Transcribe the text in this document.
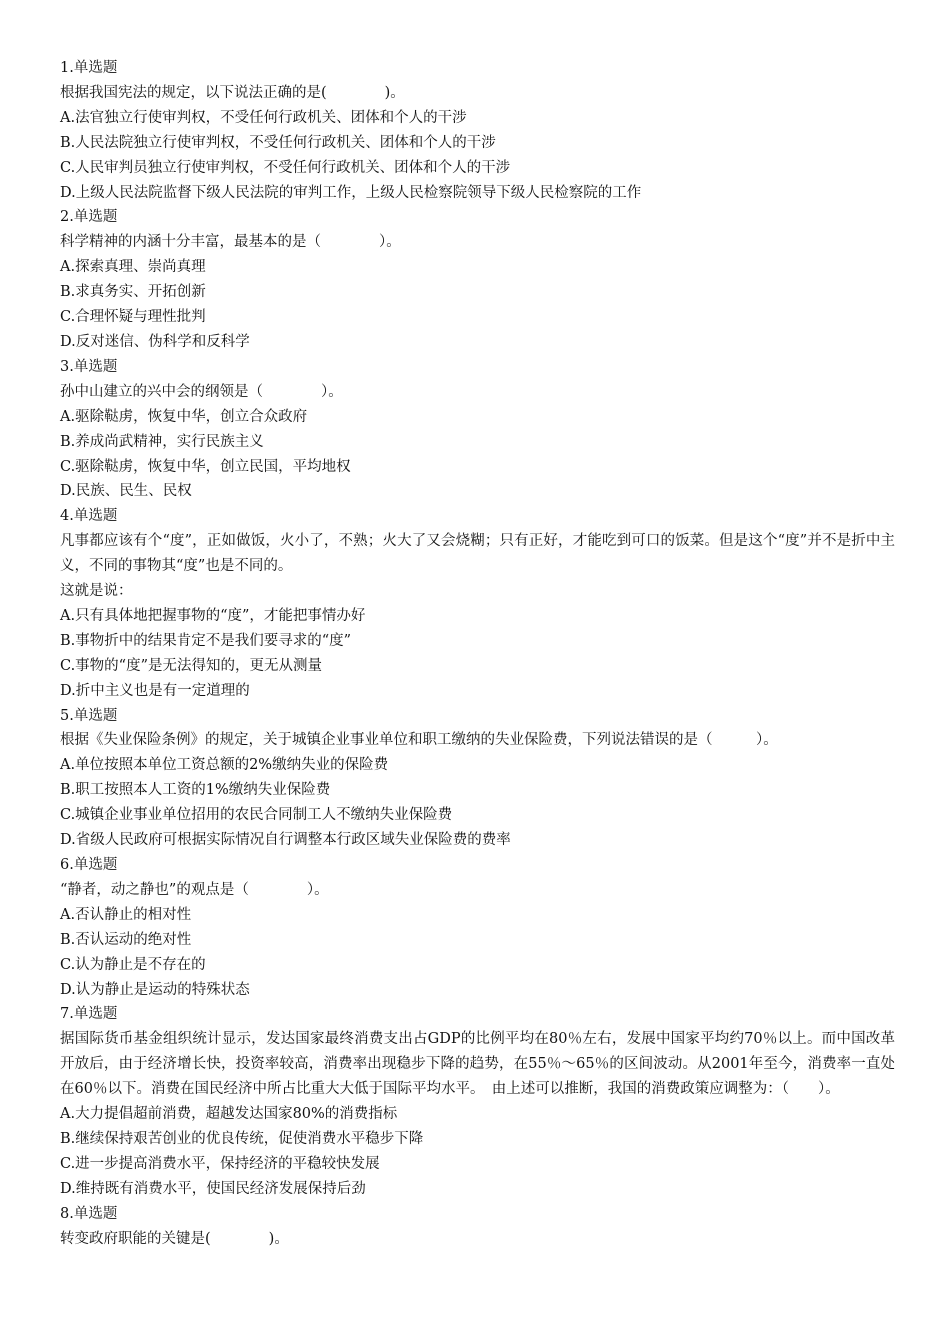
1.单选题

根据我国宪法的规定，以下说法正确的是(　　　　)。

A.法官独立行使审判权，不受任何行政机关、团体和个人的干涉

B.人民法院独立行使审判权，不受任何行政机关、团体和个人的干涉

C.人民审判员独立行使审判权，不受任何行政机关、团体和个人的干涉

D.上级人民法院监督下级人民法院的审判工作，上级人民检察院领导下级人民检察院的工作

2.单选题

科学精神的内涵十分丰富，最基本的是（　　　　）。

A.探索真理、崇尚真理

B.求真务实、开拓创新

C.合理怀疑与理性批判

D.反对迷信、伪科学和反科学

3.单选题

孙中山建立的兴中会的纲领是（　　　　）。

A.驱除鞑虏，恢复中华，创立合众政府

B.养成尚武精神，实行民族主义

C.驱除鞑虏，恢复中华，创立民国，平均地权

D.民族、民生、民权

4.单选题

凡事都应该有个“度”，正如做饭，火小了，不熟；火大了又会烧糊；只有正好，才能吃到可口的饭菜。但是这个“度”并不是折中主义，不同的事物其“度”也是不同的。

这就是说：

A.只有具体地把握事物的“度”，才能把事情办好

B.事物折中的结果肯定不是我们要寻求的“度”

C.事物的“度”是无法得知的，更无从测量

D.折中主义也是有一定道理的

5.单选题

根据《失业保险条例》的规定，关于城镇企业事业单位和职工缴纳的失业保险费，下列说法错误的是（　　　）。

A.单位按照本单位工资总额的2%缴纳失业的保险费

B.职工按照本人工资的1%缴纳失业保险费

C.城镇企业事业单位招用的农民合同制工人不缴纳失业保险费

D.省级人民政府可根据实际情况自行调整本行政区域失业保险费的费率

6.单选题

“静者，动之静也”的观点是（　　　　）。

A.否认静止的相对性

B.否认运动的绝对性

C.认为静止是不存在的

D.认为静止是运动的特殊状态

7.单选题

据国际货币基金组织统计显示，发达国家最终消费支出占GDP的比例平均在80％左右，发展中国家平均约70％以上。而中国改革开放后，由于经济增长快，投资率较高，消费率出现稳步下降的趋势，在55％～65％的区间波动。从2001年至今，消费率一直处在60％以下。消费在国民经济中所占比重大大低于国际平均水平。　由上述可以推断，我国的消费政策应调整为：（　　）。

A.大力提倡超前消费，超越发达国家80%的消费指标

B.继续保持艰苦创业的优良传统，促使消费水平稳步下降

C.进一步提高消费水平，保持经济的平稳较快发展

D.维持既有消费水平，使国民经济发展保持后劲

8.单选题

转变政府职能的关键是(　　　　)。
